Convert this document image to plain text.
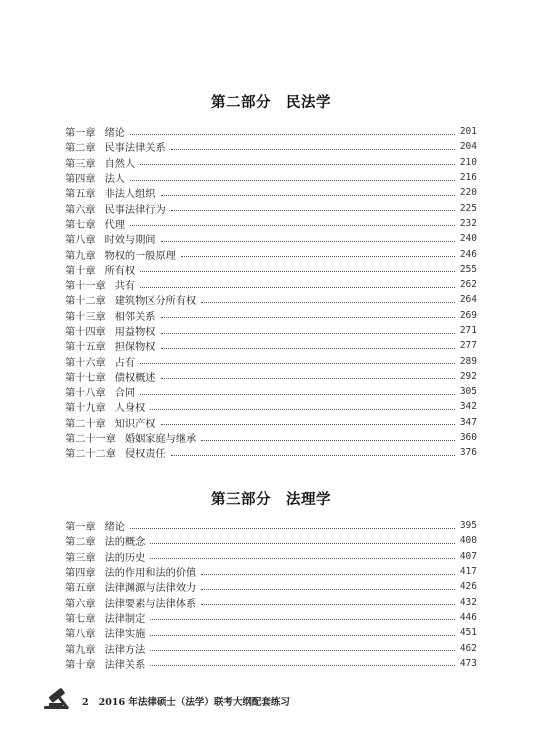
第二部分　民法学
第一章 绪论	201
第二章 民事法律关系	204
第三章 自然人	210
第四章 法人	216
第五章 非法人组织	220
第六章 民事法律行为	225
第七章 代理	232
第八章 时效与期间	240
第九章 物权的一般原理	246
第十章 所有权	255
第十一章 共有	262
第十二章 建筑物区分所有权	264
第十三章 相邻关系	269
第十四章 用益物权	271
第十五章 担保物权	277
第十六章 占有	289
第十七章 债权概述	292
第十八章 合同	305
第十九章 人身权	342
第二十章 知识产权	347
第二十一章 婚姻家庭与继承	360
第二十二章 侵权责任	376
第三部分　法理学
第一章 绪论	395
第二章 法的概念	400
第三章 法的历史	407
第四章 法的作用和法的价值	417
第五章 法律渊源与法律效力	426
第六章 法律要素与法律体系	432
第七章 法律制定	446
第八章 法律实施	451
第九章 法律方法	462
第十章 法律关系	473
2 2016 年法律硕士（法学）联考大纲配套练习
